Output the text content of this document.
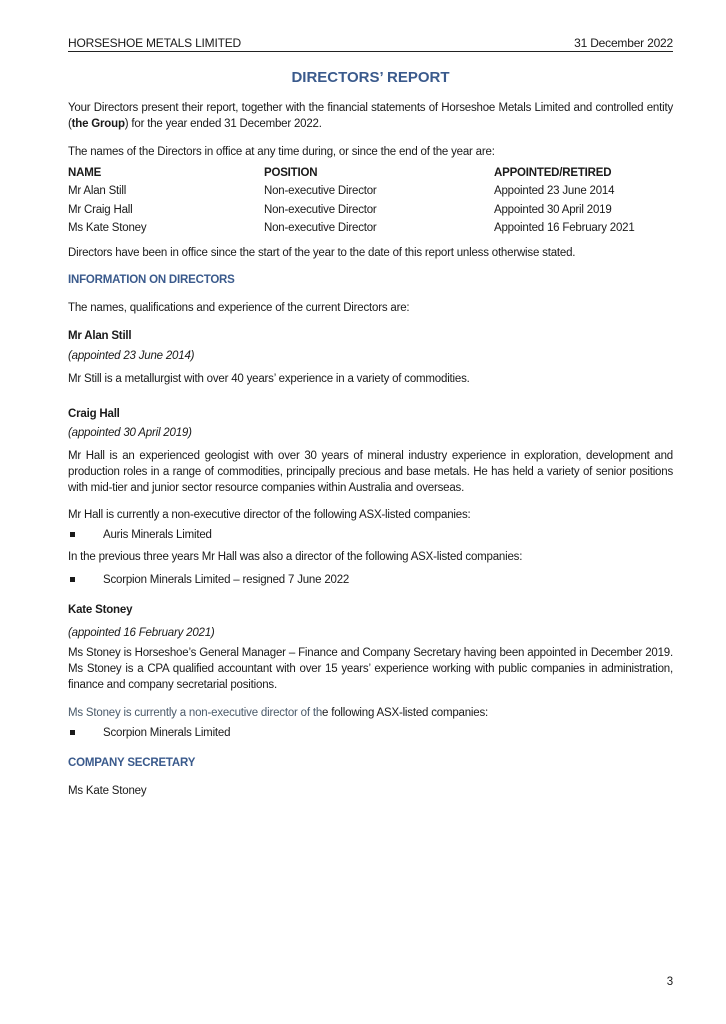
HORSESHOE METALS LIMITED	31 December 2022
DIRECTORS’ REPORT
Your Directors present their report, together with the financial statements of Horseshoe Metals Limited and controlled entity (the Group) for the year ended 31 December 2022.
The names of the Directors in office at any time during, or since the end of the year are:
NAME	POSITION	APPOINTED/RETIRED
Mr Alan Still	Non-executive Director	Appointed 23 June 2014
Mr Craig Hall	Non-executive Director	Appointed 30 April 2019
Ms Kate Stoney	Non-executive Director	Appointed 16 February 2021
Directors have been in office since the start of the year to the date of this report unless otherwise stated.
INFORMATION ON DIRECTORS
The names, qualifications and experience of the current Directors are:
Mr Alan Still
(appointed 23 June 2014)
Mr Still is a metallurgist with over 40 years’ experience in a variety of commodities.
Craig Hall
(appointed 30 April 2019)
Mr Hall is an experienced geologist with over 30 years of mineral industry experience in exploration, development and production roles in a range of commodities, principally precious and base metals. He has held a variety of senior positions with mid-tier and junior sector resource companies within Australia and overseas.
Mr Hall is currently a non-executive director of the following ASX-listed companies:
Auris Minerals Limited
In the previous three years Mr Hall was also a director of the following ASX-listed companies:
Scorpion Minerals Limited – resigned 7 June 2022
Kate Stoney
(appointed 16 February 2021)
Ms Stoney is Horseshoe’s General Manager – Finance and Company Secretary having been appointed in December 2019. Ms Stoney is a CPA qualified accountant with over 15 years’ experience working with public companies in administration, finance and company secretarial positions.
Ms Stoney is currently a non-executive director of the following ASX-listed companies:
Scorpion Minerals Limited
COMPANY SECRETARY
Ms Kate Stoney
3
